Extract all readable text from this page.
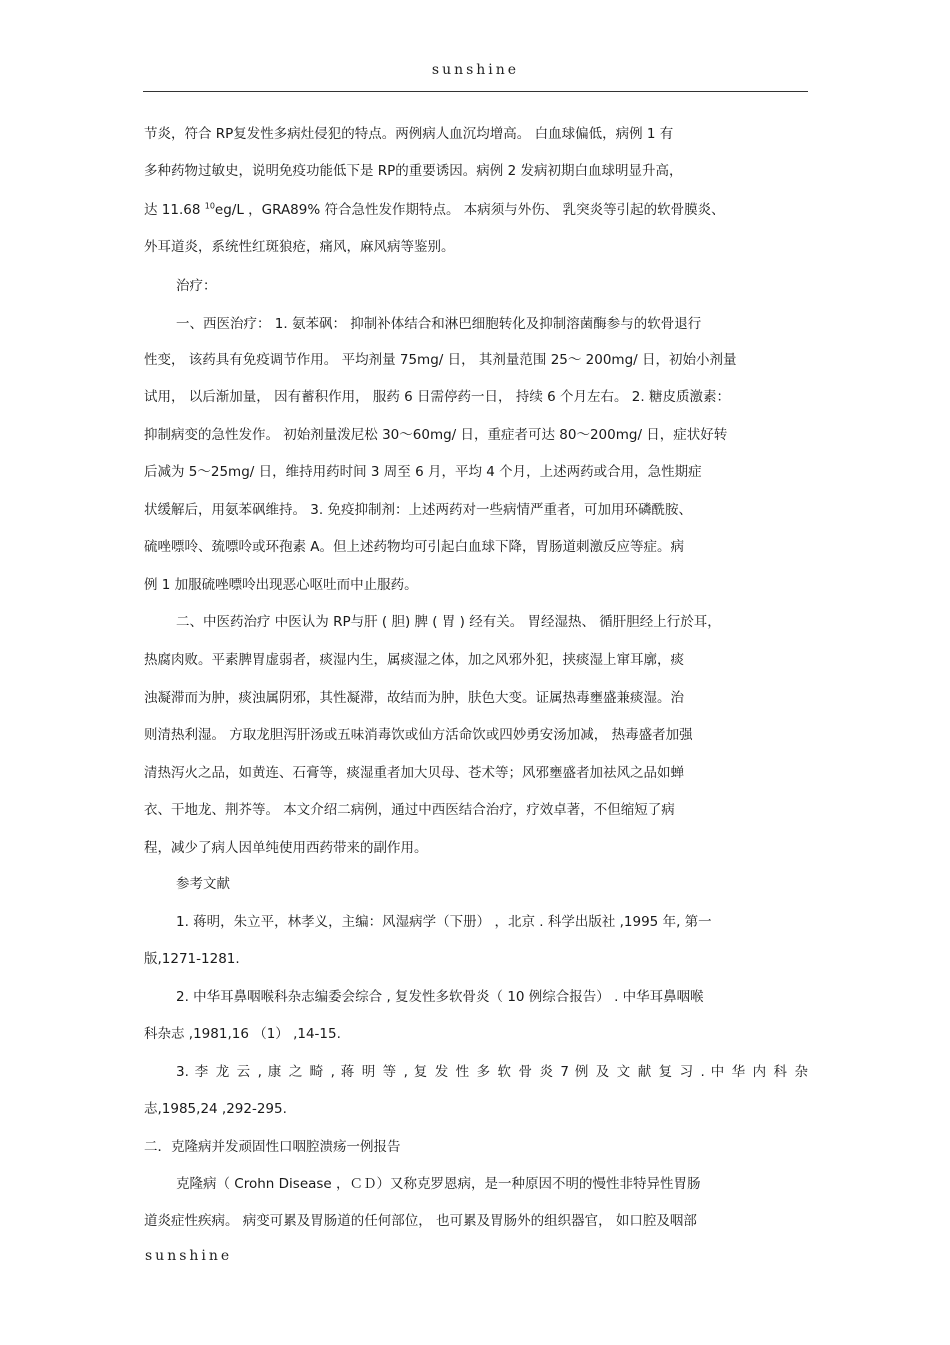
sunshine
节炎，符合 RP复发性多病灶侵犯的特点。两例病人血沉均增高。 白血球偏低，病例 1 有
多种药物过敏史，说明免疫功能低下是 RP的重要诱因。病例 2 发病初期白血球明显升高，
达 11.68 $^{10}$eg/L ，GRA89% 符合急性发作期特点。 本病须与外伤、 乳突炎等引起的软骨膜炎、
外耳道炎，系统性红斑狼疮，痛风，麻风病等鉴别。
治疗：
一、西医治疗： 1. 氨苯砜： 抑制补体结合和淋巴细胞转化及抑制溶菌酶参与的软骨退行
性变， 该药具有免疫调节作用。 平均剂量 75mg/ 日， 其剂量范围 25～ 200mg/ 日，初始小剂量
试用， 以后渐加量， 因有蓄积作用， 服药 6 日需停药一日， 持续 6 个月左右。 2. 糖皮质激素：
抑制病变的急性发作。 初始剂量泼尼松 30～60mg/ 日，重症者可达 80～200mg/ 日，症状好转
后减为 5～25mg/ 日，维持用药时间 3 周至 6 月，平均 4 个月，上述两药或合用，急性期症
状缓解后，用氨苯砜维持。 3. 免疫抑制剂：上述两药对一些病情严重者，可加用环磷酰胺、
硫唑嘌呤、巯嘌呤或环孢素 A。但上述药物均可引起白血球下降，胃肠道刺激反应等症。病
例 1 加服硫唑嘌呤出现恶心呕吐而中止服药。
二、中医药治疗 中医认为 RP与肝 ( 胆) 脾 ( 胃 ) 经有关。 胃经湿热、 循肝胆经上行於耳，
热腐肉败。平素脾胃虚弱者，痰湿内生，属痰湿之体，加之风邪外犯，挟痰湿上窜耳廓，痰
浊凝滞而为肿，痰浊属阴邪，其性凝滞，故结而为肿，肤色大变。证属热毒壅盛兼痰湿。治
则清热利湿。 方取龙胆泻肝汤或五味消毒饮或仙方活命饮或四妙勇安汤加减， 热毒盛者加强
清热泻火之品，如黄连、石膏等，痰湿重者加大贝母、苍术等；风邪壅盛者加祛风之品如蝉
衣、干地龙、荆芥等。 本文介绍二病例，通过中西医结合治疗，疗效卓著，不但缩短了病
程，减少了病人因单纯使用西药带来的副作用。
参考文献
1. 蒋明，朱立平，林孝义，主编：风湿病学（下册） ，北京 . 科学出版社 ,1995 年, 第一
版,1271-1281.
2. 中华耳鼻咽喉科杂志编委会综合 , 复发性多软骨炎（ 10 例综合报告） . 中华耳鼻咽喉
科杂志 ,1981,16 （1） ,14-15.
3. 李 龙 云 , 康 之 畸 , 蒋 明 等 , 复 发 性 多 软 骨 炎 7 例 及 文 献 复 习 . 中 华 内 科 杂
志,1985,24 ,292-295.
二．克隆病并发顽固性口咽腔溃疡一例报告
克隆病（ Crohn Disease ，ＣＤ）又称克罗恩病，是一种原因不明的慢性非特异性胃肠
道炎症性疾病。 病变可累及胃肠道的任何部位， 也可累及胃肠外的组织器官， 如口腔及咽部
sunshine
